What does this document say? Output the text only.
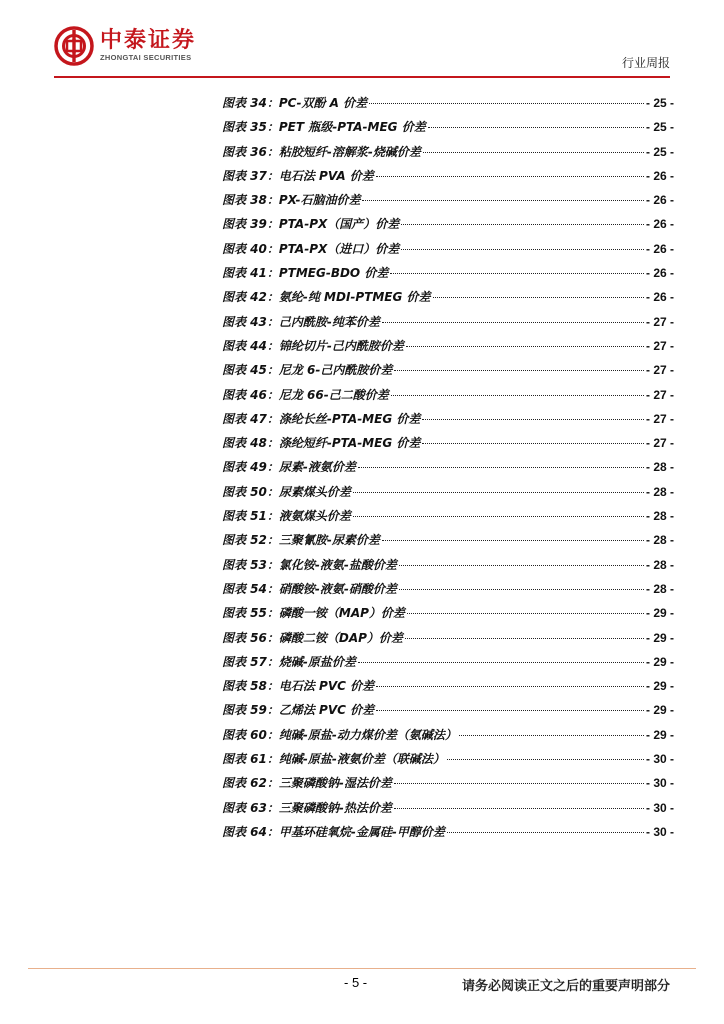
中泰证券
ZHONGTAI SECURITIES	行业周报
图表 34：PC-双酚 A 价差	- 25 -
图表 35：PET 瓶级-PTA-MEG 价差	- 25 -
图表 36：粘胶短纤-溶解浆-烧碱价差	- 25 -
图表 37：电石法 PVA 价差	- 26 -
图表 38：PX-石脑油价差	- 26 -
图表 39：PTA-PX（国产）价差	- 26 -
图表 40：PTA-PX（进口）价差	- 26 -
图表 41：PTMEG-BDO 价差	- 26 -
图表 42：氨纶-纯 MDI-PTMEG 价差	- 26 -
图表 43：己内酰胺-纯苯价差	- 27 -
图表 44：锦纶切片-己内酰胺价差	- 27 -
图表 45：尼龙 6-己内酰胺价差	- 27 -
图表 46：尼龙 66-己二酸价差	- 27 -
图表 47：涤纶长丝-PTA-MEG 价差	- 27 -
图表 48：涤纶短纤-PTA-MEG 价差	- 27 -
图表 49：尿素-液氨价差	- 28 -
图表 50：尿素煤头价差	- 28 -
图表 51：液氨煤头价差	- 28 -
图表 52：三聚氰胺-尿素价差	- 28 -
图表 53：氯化铵-液氨-盐酸价差	- 28 -
图表 54：硝酸铵-液氨-硝酸价差	- 28 -
图表 55：磷酸一铵（MAP）价差	- 29 -
图表 56：磷酸二铵（DAP）价差	- 29 -
图表 57：烧碱-原盐价差	- 29 -
图表 58：电石法 PVC 价差	- 29 -
图表 59：乙烯法 PVC 价差	- 29 -
图表 60：纯碱-原盐-动力煤价差（氨碱法）	- 29 -
图表 61：纯碱-原盐-液氨价差（联碱法）	- 30 -
图表 62：三聚磷酸钠-湿法价差	- 30 -
图表 63：三聚磷酸钠-热法价差	- 30 -
图表 64：甲基环硅氧烷-金属硅-甲醇价差	- 30 -
- 5 -	请务必阅读正文之后的重要声明部分
